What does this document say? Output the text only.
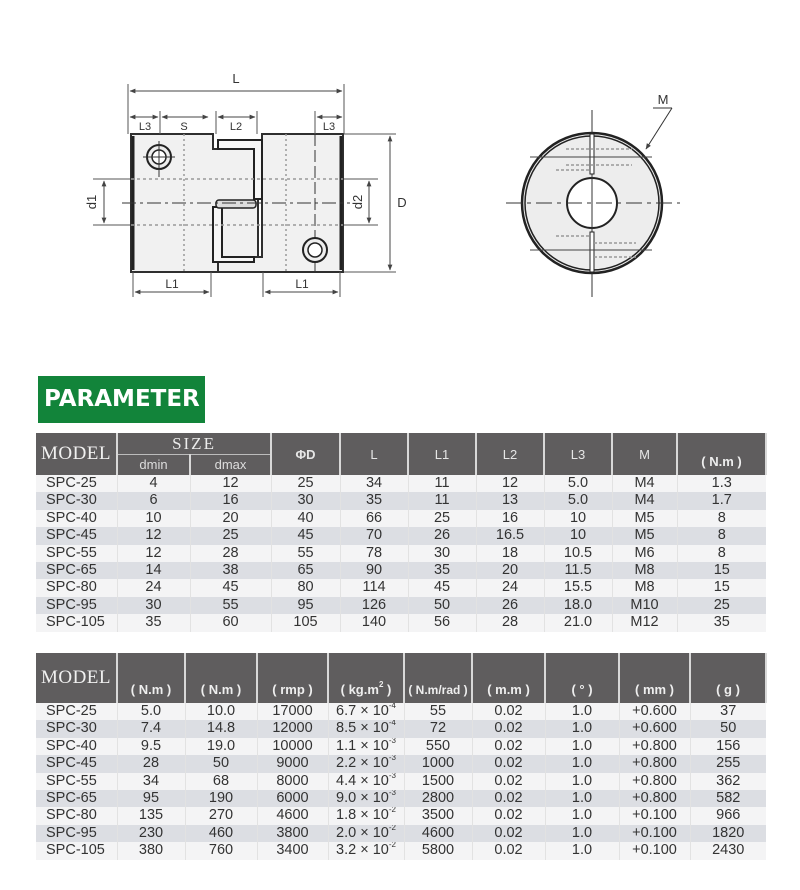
L
L3	S	L2	L3
L1	L1
d1	d2 D
M
PARAMETER
MODEL	SIZE		ΦD	L	L1	L2	L3	M	( N.m )
	dmin	dmax							
SPC-25	4	12	25	34	11	12	5.0	M4	1.3
SPC-30	6	16	30	35	11	13	5.0	M4	1.7
SPC-40	10	20	40	66	25	16	10	M5	8
SPC-45	12	25	45	70	26	16.5	10	M5	8
SPC-55	12	28	55	78	30	18	10.5	M6	8
SPC-65	14	38	65	90	35	20	11.5	M8	15
SPC-80	24	45	80	114	45	24	15.5	M8	15
SPC-95	30	55	95	126	50	26	18.0	M10	25
SPC-105	35	60	105	140	56	28	21.0	M12	35
MODEL	( N.m )	( N.m )	( rmp )	( $kg.m^2$ )	( N.m/rad )	( m.m )	( ° )	( mm )	( g )
SPC-25	5.0	10.0	17000	$6.7 \times 10^{-4}$	55	0.02	1.0	+0.600	37
SPC-30	7.4	14.8	12000	$8.5 \times 10^{-4}$	72	0.02	1.0	+0.600	50
SPC-40	9.5	19.0	10000	$1.1 \times 10^{-3}$	550	0.02	1.0	+0.800	156
SPC-45	28	50	9000	$2.2 \times 10^{-3}$	1000	0.02	1.0	+0.800	255
SPC-55	34	68	8000	$4.4 \times 10^{-3}$	1500	0.02	1.0	+0.800	362
SPC-65	95	190	6000	$9.0 \times 10^{-3}$	2800	0.02	1.0	+0.800	582
SPC-80	135	270	4600	$1.8 \times 10^{-2}$	3500	0.02	1.0	+0.100	966
SPC-95	230	460	3800	$2.0 \times 10^{-2}$	4600	0.02	1.0	+0.100	1820
SPC-105	380	760	3400	$3.2 \times 10^{-2}$	5800	0.02	1.0	+0.100	2430
